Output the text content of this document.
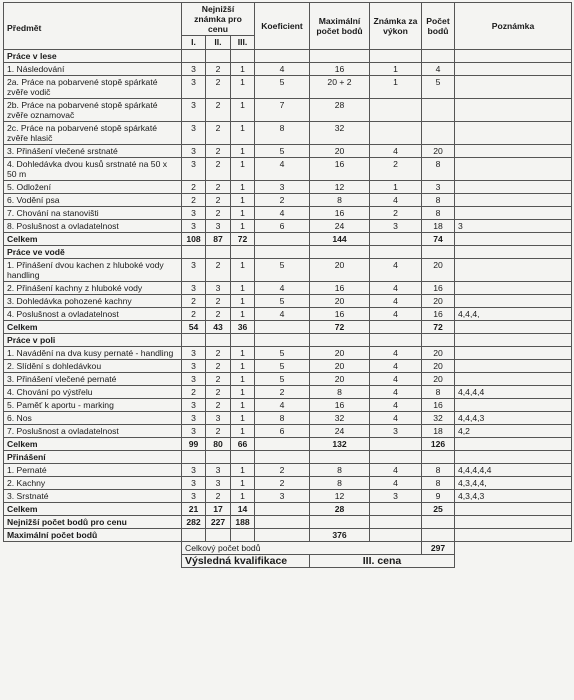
Předmět	Nejnižší známka pro cenu			Koeficient	Maximální počet bodů	Známka za výkon	Počet bodů	Poznámka
	I.	II.	III.					
Práce v lese								
1. Následování	3	2	1	4	16	1	4	
2a. Práce na pobarvené stopě spárkaté zvěře vodič	3	2	1	5	20 + 2	1	5	
2b. Práce na pobarvené stopě spárkaté zvěře oznamovač	3	2	1	7	28			
2c. Práce na pobarvené stopě spárkaté zvěře hlasič	3	2	1	8	32			
3. Přinášení vlečené srstnaté	3	2	1	5	20	4	20	
4. Dohledávka dvou kusů srstnaté na 50 x 50 m	3	2	1	4	16	2	8	
5. Odložení	2	2	1	3	12	1	3	
6. Vodění psa	2	2	1	2	8	4	8	
7. Chování na stanovišti	3	2	1	4	16	2	8	
8. Poslušnost a ovladatelnost	3	3	1	6	24	3	18	3
Celkem	108	87	72		144		74	
Práce ve vodě								
1. Přinášení dvou kachen z hluboké vody handling	3	2	1	5	20	4	20	
2. Přinášení kachny z hluboké vody	3	3	1	4	16	4	16	
3. Dohledávka pohozené kachny	2	2	1	5	20	4	20	
4. Poslušnost a ovladatelnost	2	2	1	4	16	4	16	4,4,4,
Celkem	54	43	36		72		72	
Práce v poli								
1. Navádění na dva kusy pernaté - handling	3	2	1	5	20	4	20	
2. Slídění s dohledávkou	3	2	1	5	20	4	20	
3. Přinášení vlečené pernaté	3	2	1	5	20	4	20	
4. Chování po výstřelu	2	2	1	2	8	4	8	4,4,4,4
5. Paměť k aportu - marking	3	2	1	4	16	4	16	
6. Nos	3	3	1	8	32	4	32	4,4,4,3
7. Poslušnost a ovladatelnost	3	2	1	6	24	3	18	4,2
Celkem	99	80	66		132		126	
Přinášení								
1. Pernaté	3	3	1	2	8	4	8	4,4,4,4,4
2. Kachny	3	3	1	2	8	4	8	4,3,4,4,
3. Srstnaté	3	2	1	3	12	3	9	4,3,4,3
Celkem	21	17	14		28		25	
Nejnižší počet bodů pro cenu	282	227	188					
Maximální počet bodů					376			
	Celkový počet bodů						297	
	Výsledná kvalifikace				III. cena			
